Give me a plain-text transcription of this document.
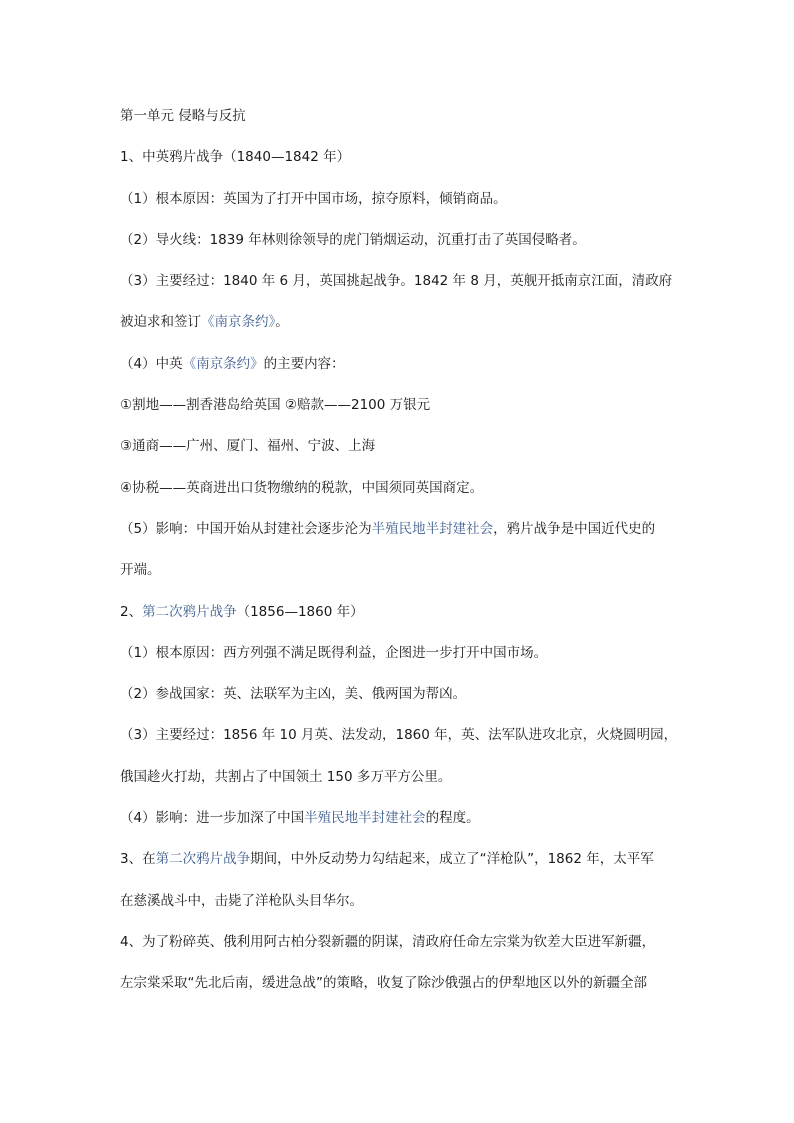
第一单元 侵略与反抗
1、中英鸦片战争（1840—1842 年）
（1）根本原因：英国为了打开中国市场，掠夺原料，倾销商品。
（2）导火线：1839 年林则徐领导的虎门销烟运动，沉重打击了英国侵略者。
（3）主要经过：1840 年 6 月，英国挑起战争。1842 年 8 月，英舰开抵南京江面，清政府
被迫求和签订《南京条约》。
（4）中英《南京条约》的主要内容：
①割地——割香港岛给英国 ②赔款——2100 万银元
③通商——广州、厦门、福州、宁波、上海
④协税——英商进出口货物缴纳的税款，中国须同英国商定。
（5）影响：中国开始从封建社会逐步沦为半殖民地半封建社会，鸦片战争是中国近代史的
开端。
2、第二次鸦片战争（1856—1860 年）
（1）根本原因：西方列强不满足既得利益，企图进一步打开中国市场。
（2）参战国家：英、法联军为主凶，美、俄两国为帮凶。
（3）主要经过：1856 年 10 月英、法发动，1860 年，英、法军队进攻北京，火烧圆明园，
俄国趁火打劫，共割占了中国领土 150 多万平方公里。
（4）影响：进一步加深了中国半殖民地半封建社会的程度。
3、在第二次鸦片战争期间，中外反动势力勾结起来，成立了“洋枪队”，1862 年，太平军
在慈溪战斗中，击毙了洋枪队头目华尔。
4、为了粉碎英、俄利用阿古柏分裂新疆的阴谋，清政府任命左宗棠为钦差大臣进军新疆，
左宗棠采取“先北后南，缓进急战”的策略，收复了除沙俄强占的伊犁地区以外的新疆全部
